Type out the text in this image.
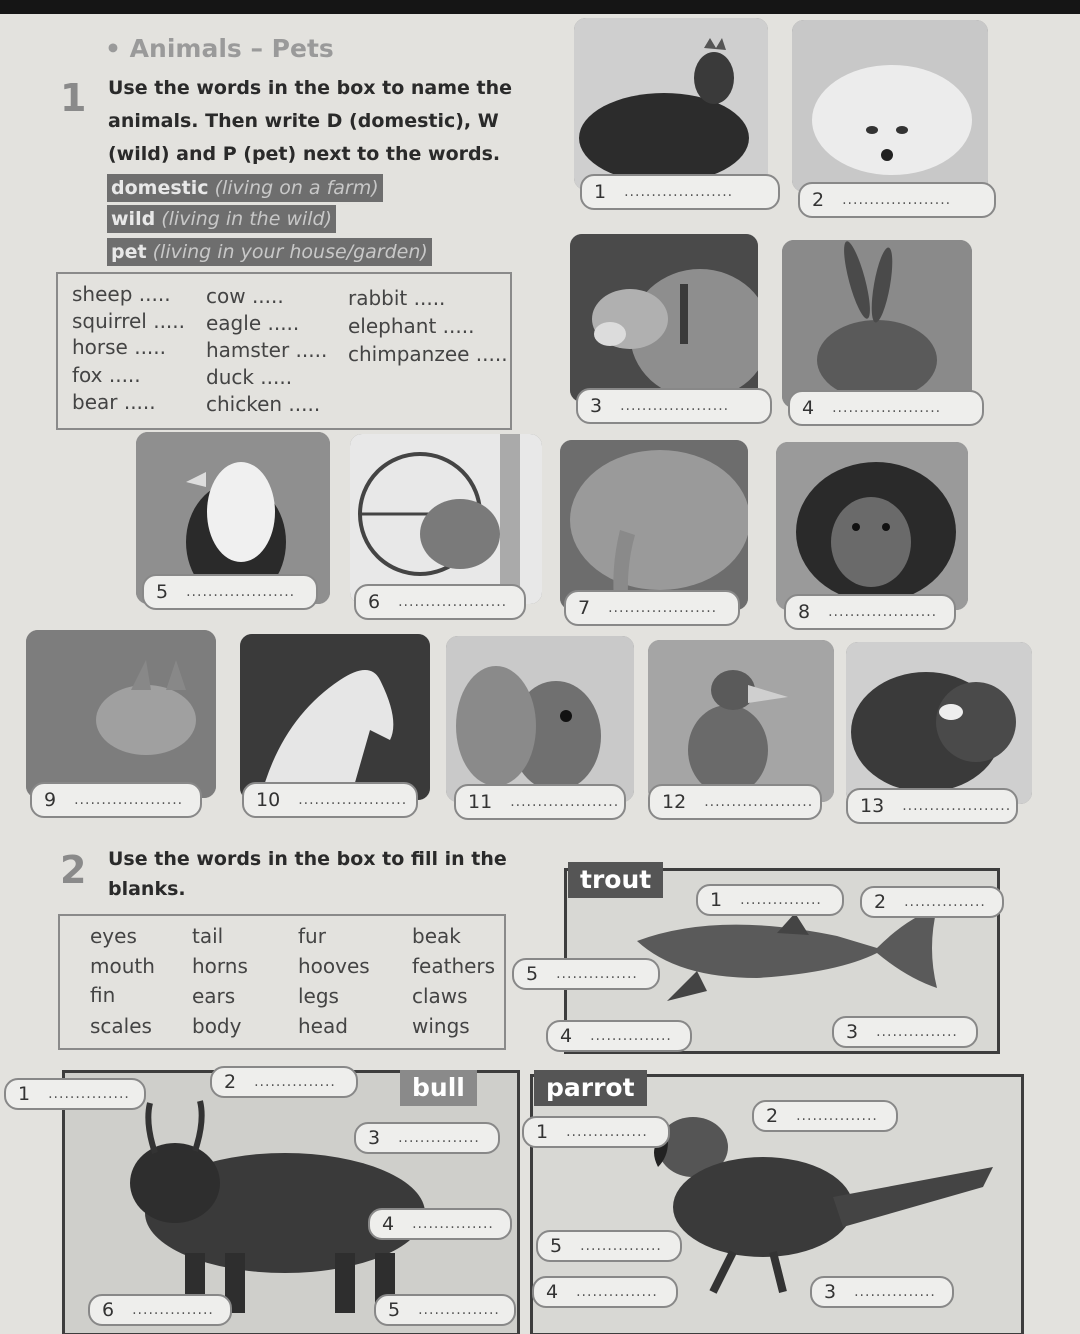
• Animals – Pets
1 Use the words in the box to name the
animals. Then write D (domestic), W
(wild) and P (pet) next to the words.
domestic (living on a farm)
wild (living in the wild)
pet (living in your house/garden)
sheep ..... cow .....	rabbit .....
squirrel ..... eagle ..... elephant .....
horse ..... hamster ..... chimpanzee .....
fox .....	duck .....
bear .....	chicken .....
1 ....................	2 ....................
3 ....................	4 ....................
5 ....................	6 ....................	7 ....................	8 ....................
9 ....................	10 ....................	11 .................... 12 .................... 13 ....................
2 Use the words in the box to fill in the
blanks.
eyes	tail	fur	beak
mouth horns	hooves feathers
fin	ears	legs	claws
scales body	head	wings
trout
1 ...............	2 ...............
5 ...............
4 ...............	3 ...............
bull
1 ...............
2 ...............
3 ...............
4 ...............
5 ...............
6 ...............
parrot
1 ...............
2 ...............
5 ...............
4 ...............	3 ...............
